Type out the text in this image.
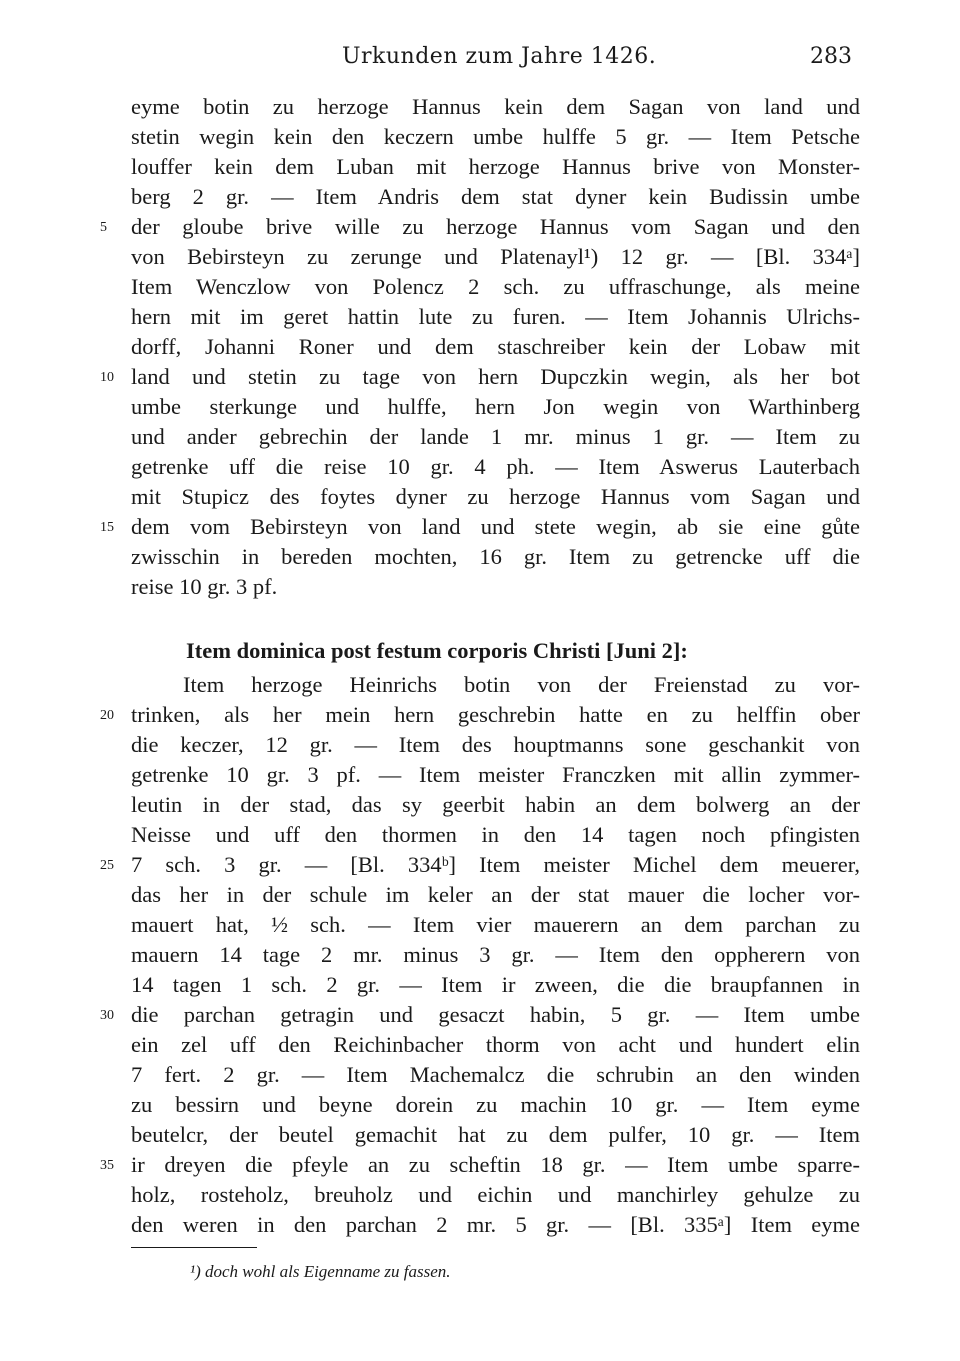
Urkunden zum Jahre 1426.	283
eyme botin zu herzoge Hannus kein dem Sagan von land und
stetin wegin kein den keczern umbe hulffe 5 gr. — Item Petsche
louffer kein dem Luban mit herzoge Hannus brive von Monster-
berg 2 gr. — Item Andris dem stat dyner kein Budissin umbe
der gloube brive wille zu herzoge Hannus vom Sagan und den
von Bebirsteyn zu zerunge und Platenayl¹) 12 gr. — [Bl. 334ᵃ]
Item Wenczlow von Polencz 2 sch. zu uffraschunge, als meine
hern mit im geret hattin lute zu furen. — Item Johannis Ulrichs-
dorff, Johanni Roner und dem staschreiber kein der Lobaw mit
land und stetin zu tage von hern Dupczkin wegin, als her bot
umbe sterkunge und hulffe, hern Jon wegin von Warthinberg
und ander gebrechin der lande 1 mr. minus 1 gr. — Item zu
getrenke uff die reise 10 gr. 4 ph. — Item Aswerus Lauterbach
mit Stupicz des foytes dyner zu herzoge Hannus vom Sagan und
dem vom Bebirsteyn von land und stete wegin, ab sie eine gůte
zwisschin in bereden mochten, 16 gr. Item zu getrencke uff die
reise 10 gr. 3 pf.
Item dominica post festum corporis Christi [Juni 2]:
Item herzoge Heinrichs botin von der Freienstad zu vor-
trinken, als her mein hern geschrebin hatte en zu helffin ober
die keczer, 12 gr. — Item des houptmanns sone geschankit von
getrenke 10 gr. 3 pf. — Item meister Franczken mit allin zymmer-
leutin in der stad, das sy geerbit habin an dem bolwerg an der
Neisse und uff den thormen in den 14 tagen noch pfingisten
7 sch. 3 gr. — [Bl. 334ᵇ] Item meister Michel dem meuerer,
das her in der schule im keler an der stat mauer die locher vor-
mauert hat, ½ sch. — Item vier mauerern an dem parchan zu
mauern 14 tage 2 mr. minus 3 gr. — Item den oppherern von
14 tagen 1 sch. 2 gr. — Item ir zween, die die braupfannen in
die parchan getragin und gesaczt habin, 5 gr. — Item umbe
ein zel uff den Reichinbacher thorm von acht und hundert elin
7 fert. 2 gr. — Item Machemalcz die schrubin an den winden
zu bessirn und beyne dorein zu machin 10 gr. — Item eyme
beutelcr, der beutel gemachit hat zu dem pulfer, 10 gr. — Item
ir dreyen die pfeyle an zu scheftin 18 gr. — Item umbe sparre-
holz, rosteholz, breuholz und eichin und manchirley gehulze zu
den weren in den parchan 2 mr. 5 gr. — [Bl. 335ᵃ] Item eyme
5
10
15
20
25
30
35
¹) doch wohl als Eigenname zu fassen.
